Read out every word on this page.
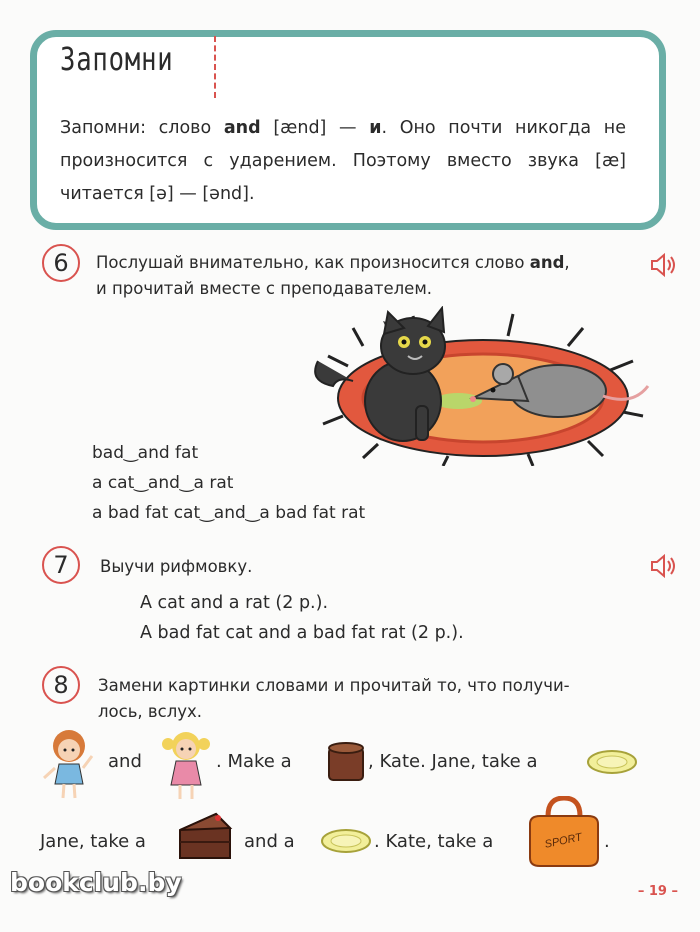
Запомни
Запомни: слово and [ænd] — и. Оно почти никогда не произносится с ударением. Поэтому вместо звука [æ] читается [ə] — [ənd].
6	Послушай внимательно, как произносится слово and,
и прочитай вместе с преподавателем.
bad‿and fat
a cat‿and‿a rat
a bad fat cat‿and‿a bad fat rat
7	Выучи рифмовку.
A cat and a rat (2 р.).
A bad fat cat and a bad fat rat (2 р.).
8	Замени картинки словами и прочитай то, что получи-
лось, вслух.
and	. Make a	, Kate. Jane, take a
Jane, take a	and a	. Kate, take a	SPORT .
– 19 –
bookclub.by
